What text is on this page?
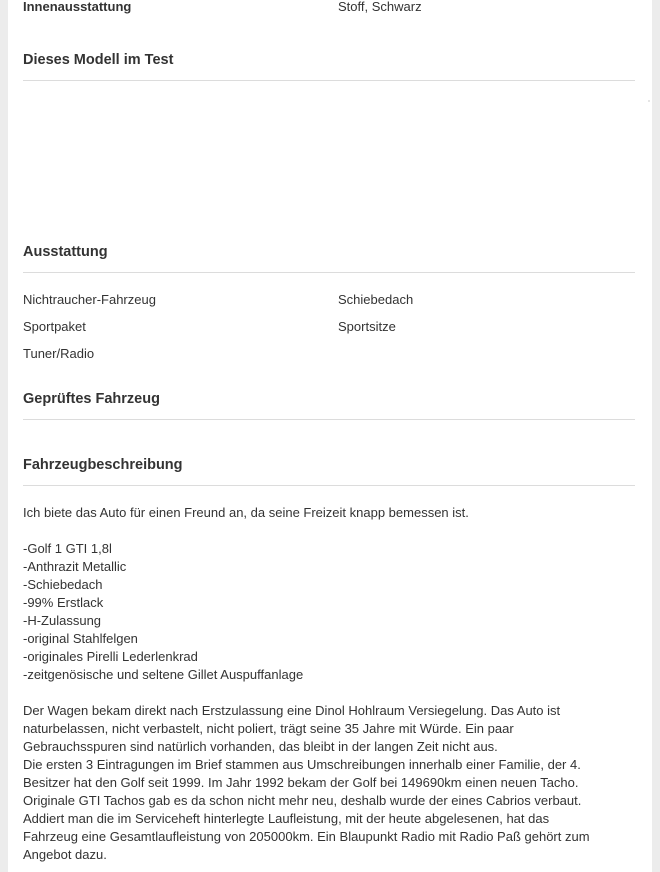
Innenausstattung	Stoff, Schwarz
Dieses Modell im Test
Ausstattung
Nichtraucher-Fahrzeug	Schiebedach
Sportpaket	Sportsitze
Tuner/Radio
Geprüftes Fahrzeug
Fahrzeugbeschreibung

Ich biete das Auto für einen Freund an, da seine Freizeit knapp bemessen ist.

-Golf 1 GTI 1,8l

-Anthrazit Metallic

-Schiebedach

-99% Erstlack

-H-Zulassung

-original Stahlfelgen

-originales Pirelli Lederlenkrad

-zeitgenösische und seltene Gillet Auspuffanlage

Der Wagen bekam direkt nach Erstzulassung eine Dinol Hohlraum Versiegelung. Das Auto ist

naturbelassen, nicht verbastelt, nicht poliert, trägt seine 35 Jahre mit Würde. Ein paar

Gebrauchsspuren sind natürlich vorhanden, das bleibt in der langen Zeit nicht aus.

Die ersten 3 Eintragungen im Brief stammen aus Umschreibungen innerhalb einer Familie, der 4.

Besitzer hat den Golf seit 1999. Im Jahr 1992 bekam der Golf bei 149690km einen neuen Tacho.

Originale GTI Tachos gab es da schon nicht mehr neu, deshalb wurde der eines Cabrios verbaut.

Addiert man die im Serviceheft hinterlegte Laufleistung, mit der heute abgelesenen, hat das

Fahrzeug eine Gesamtlaufleistung von 205000km. Ein Blaupunkt Radio mit Radio Paß gehört zum

Angebot dazu.
